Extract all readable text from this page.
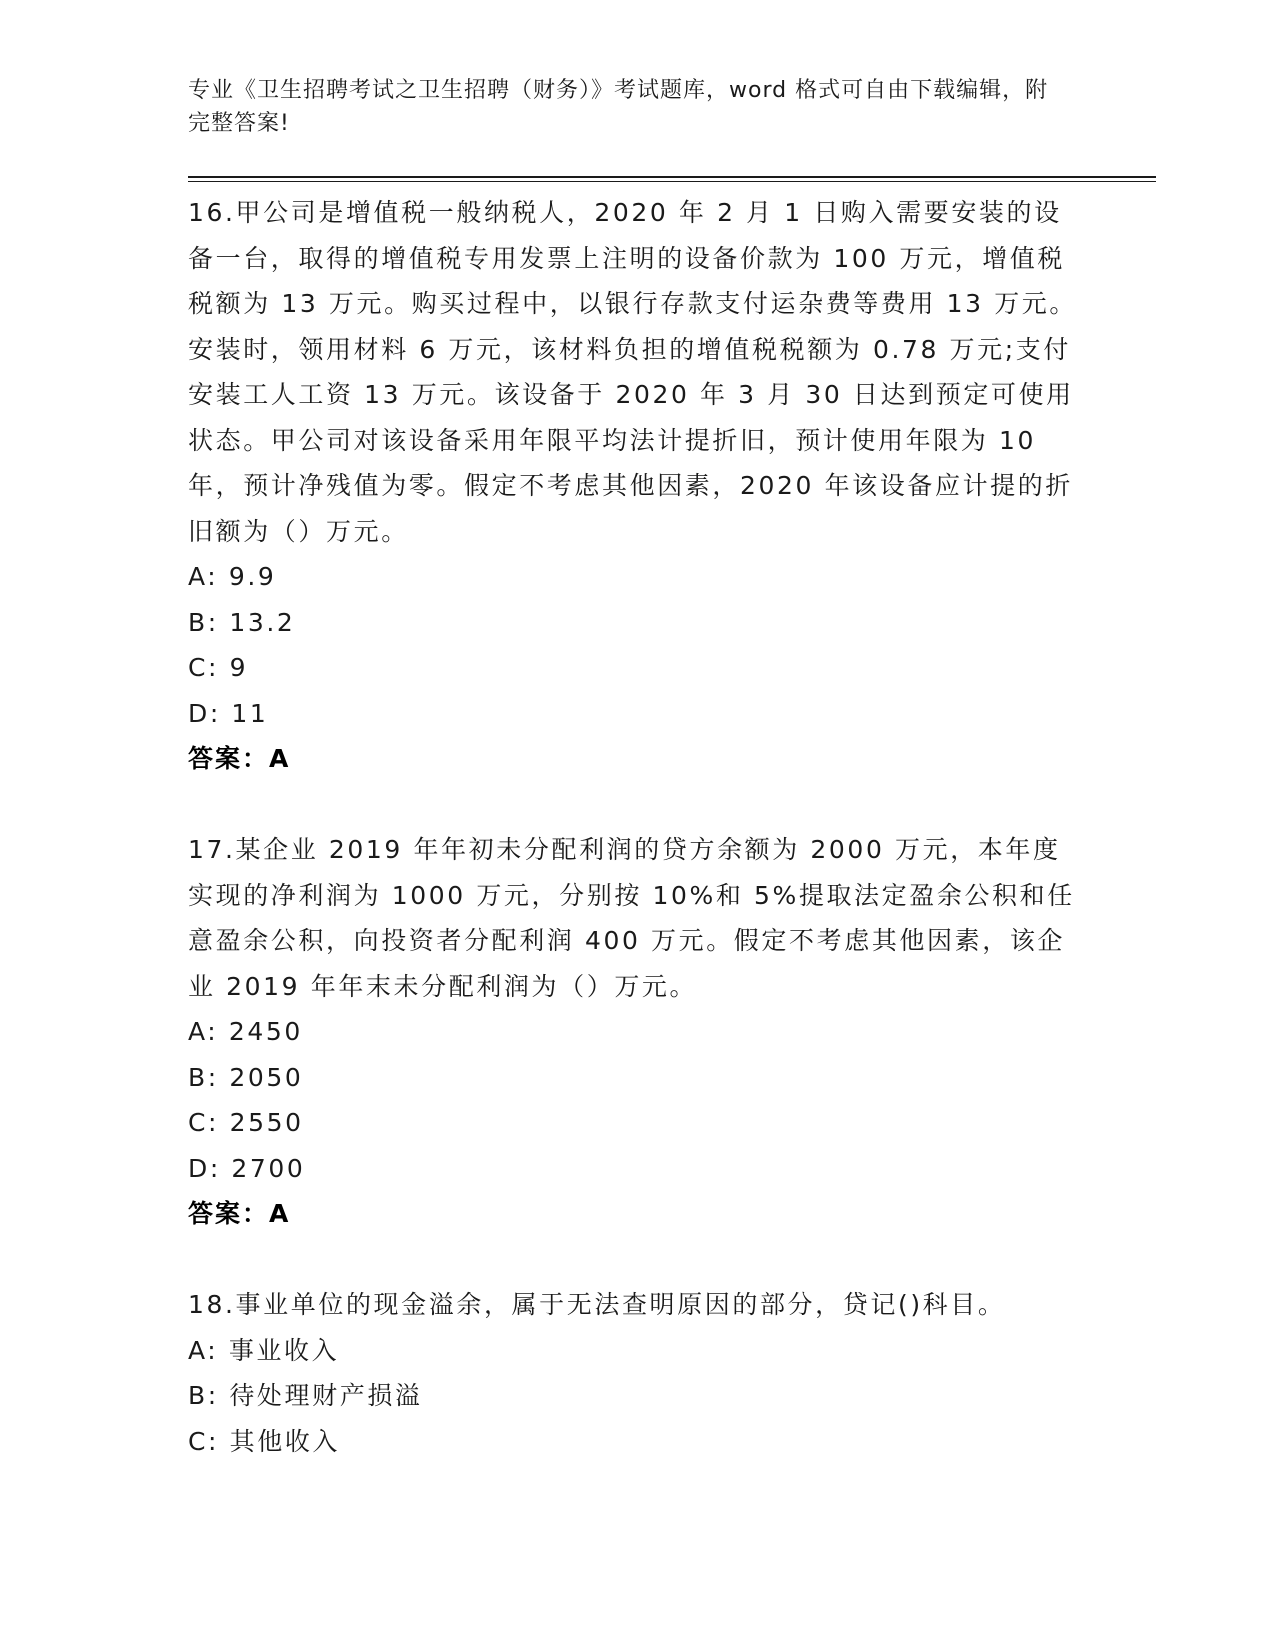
专业《卫生招聘考试之卫生招聘（财务）》考试题库，word 格式可自由下载编辑，附完整答案!

16.甲公司是增值税一般纳税人，2020 年 2 月 1 日购入需要安装的设备一台，取得的增值税专用发票上注明的设备价款为 100 万元，增值税税额为 13 万元。购买过程中，以银行存款支付运杂费等费用 13 万元。安装时，领用材料 6 万元，该材料负担的增值税税额为 0.78 万元;支付安装工人工资 13 万元。该设备于 2020 年 3 月 30 日达到预定可使用状态。甲公司对该设备采用年限平均法计提折旧，预计使用年限为 10 年，预计净残值为零。假定不考虑其他因素，2020 年该设备应计提的折旧额为（）万元。

A: 9.9

B: 13.2

C: 9

D: 11

答案：A

17.某企业 2019 年年初未分配利润的贷方余额为 2000 万元，本年度实现的净利润为 1000 万元，分别按 10%和 5%提取法定盈余公积和任意盈余公积，向投资者分配利润 400 万元。假定不考虑其他因素，该企业 2019 年年末未分配利润为（）万元。

A: 2450

B: 2050

C: 2550

D: 2700

答案：A

18.事业单位的现金溢余，属于无法查明原因的部分，贷记()科目。

A: 事业收入

B: 待处理财产损溢

C: 其他收入
